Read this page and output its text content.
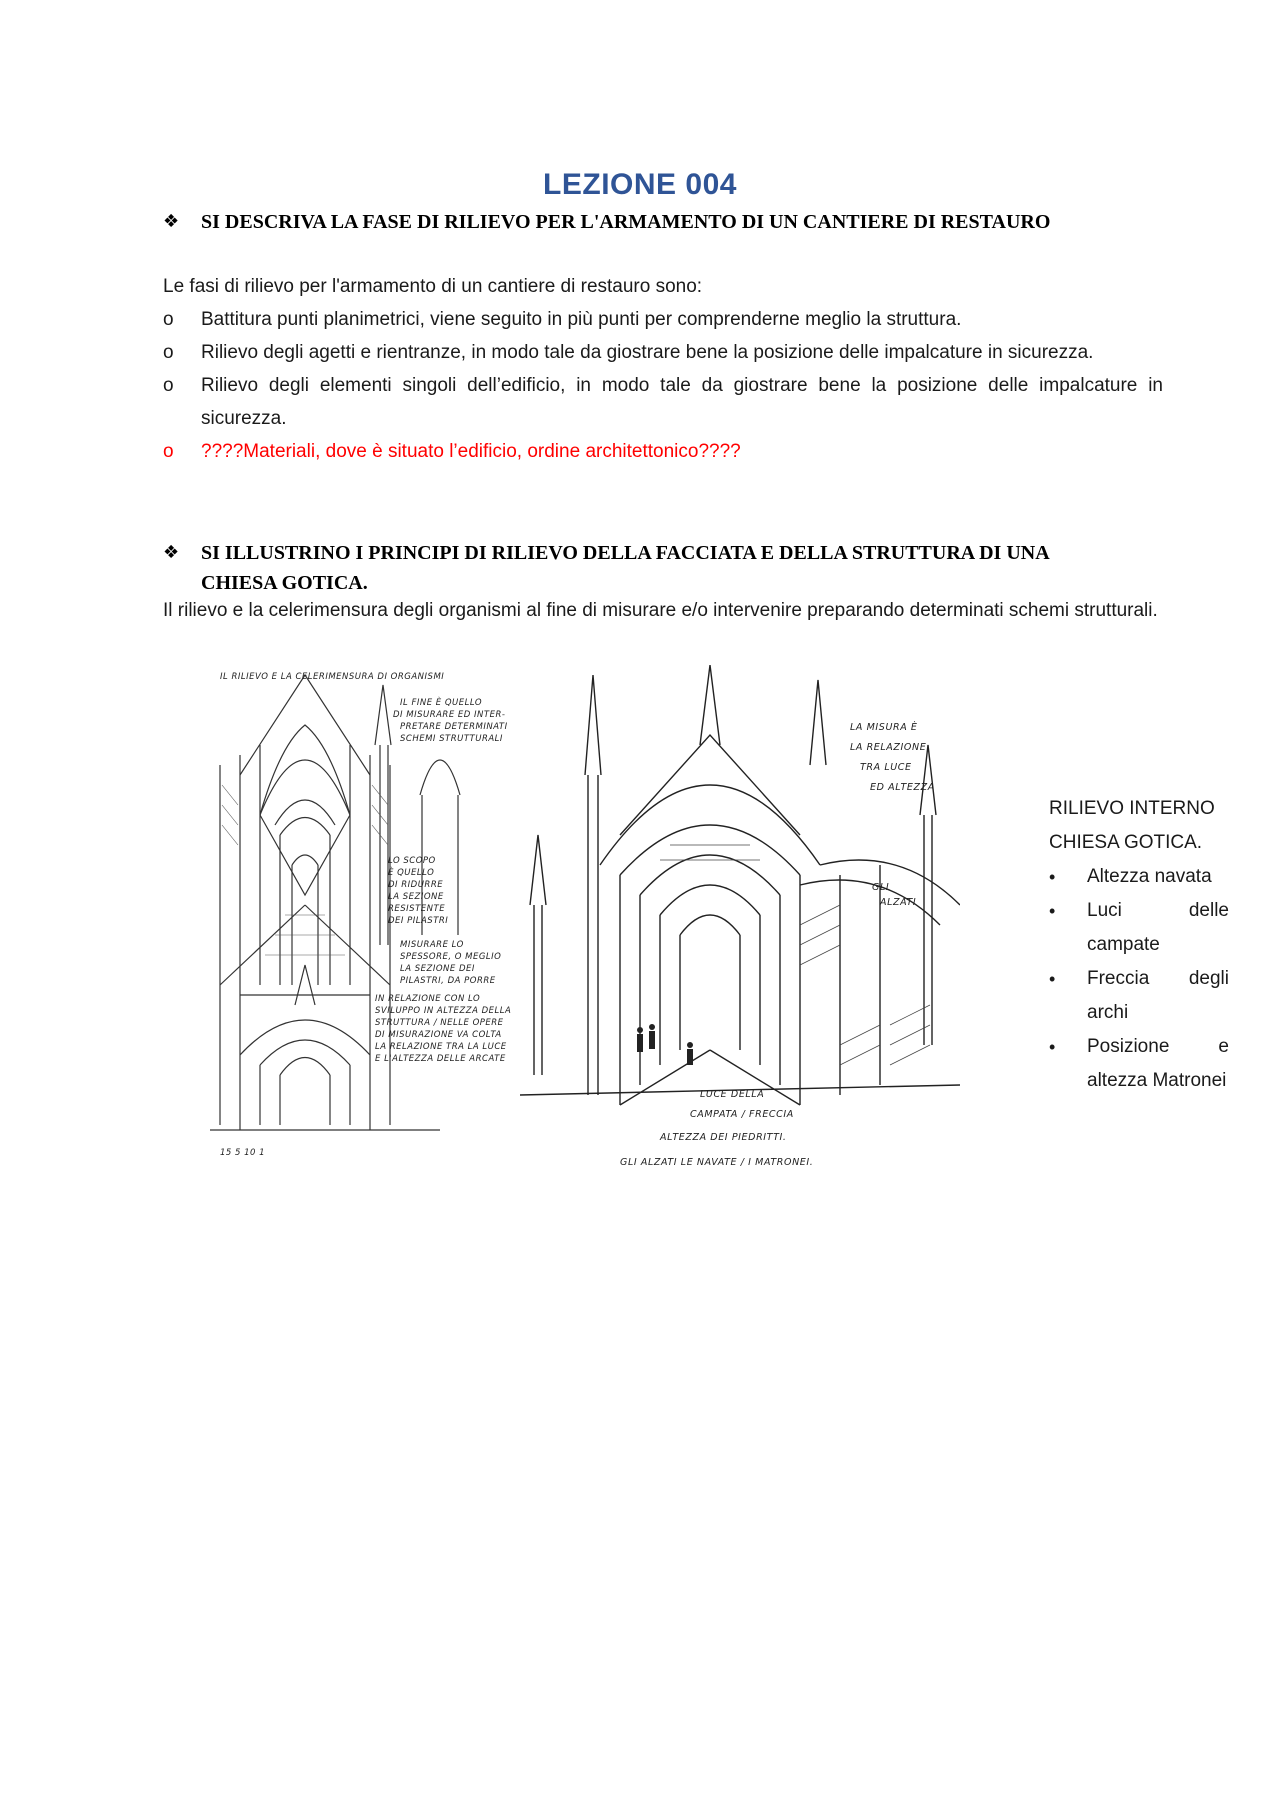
LEZIONE 004
❖ SI DESCRIVA LA FASE DI RILIEVO PER L'ARMAMENTO DI UN CANTIERE DI RESTAURO
Le fasi di rilievo per l'armamento di un cantiere di restauro sono:
o Battitura punti planimetrici, viene seguito in più punti per comprenderne meglio la struttura.
o Rilievo degli agetti e rientranze, in modo tale da giostrare bene la posizione delle impalcature in sicurezza.
o Rilievo degli elementi singoli dell’edificio, in modo tale da giostrare bene la posizione delle impalcature in sicurezza.
o ????Materiali, dove è situato l’edificio, ordine architettonico????
❖ SI ILLUSTRINO I PRINCIPI DI RILIEVO DELLA FACCIATA E DELLA STRUTTURA DI UNA CHIESA GOTICA.
Il rilievo e la celerimensura degli organismi al fine di misurare e/o intervenire preparando determinati schemi strutturali.
IL RILIEVO E LA CELERIMENSURA DI ORGANISMI
IL FINE È QUELLO
DI MISURARE ED INTER-
PRETARE DETERMINATI
SCHEMI STRUTTURALI
LO SCOPO
È QUELLO
DI RIDURRE
LA SEZIONE
RESISTENTE
DEI PILASTRI
MISURARE LO
SPESSORE, O MEGLIO
LA SEZIONE DEI
PILASTRI, DA PORRE
IN RELAZIONE CON LO
SVILUPPO IN ALTEZZA DELLA
STRUTTURA / NELLE OPERE
DI MISURAZIONE VA COLTA
LA RELAZIONE TRA LA LUCE
E L'ALTEZZA DELLE ARCATE
15 5 10 1
LA MISURA È
LA RELAZIONE
TRA LUCE
ED ALTEZZA
GLI
ALZATI
LUCE DELLA
CAMPATA / FRECCIA
ALTEZZA DEI PIEDRITTI.
GLI ALZATI LE NAVATE / I MATRONEI.
RILIEVO INTERNO
CHIESA GOTICA.
• Altezza navata
• Luci delle campate
• Freccia degli archi
• Posizione e altezza Matronei
